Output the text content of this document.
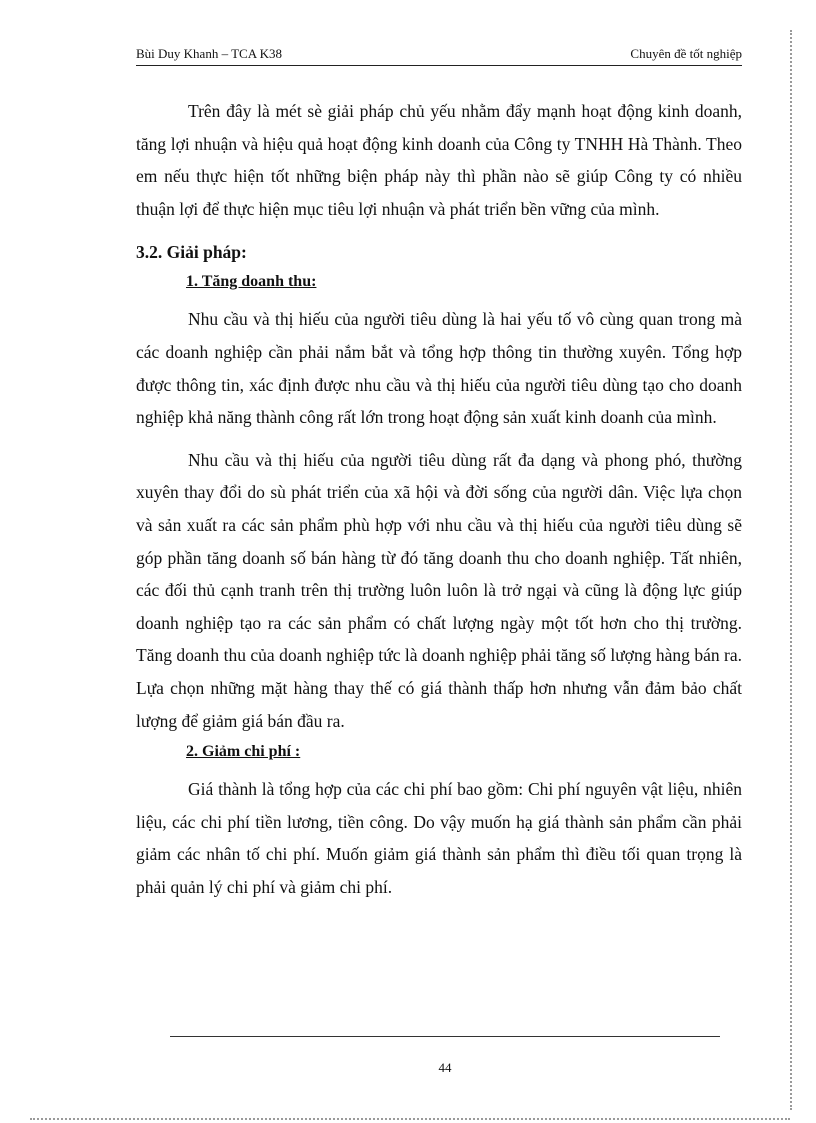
Bùi Duy Khanh – TCA K38	Chuyên đề tốt nghiệp

Trên đây là mét sè giải pháp chủ yếu nhằm đẩy mạnh hoạt động kinh doanh, tăng lợi nhuận và hiệu quả hoạt động kinh doanh của Công ty TNHH Hà Thành. Theo em nếu thực hiện tốt những biện pháp này thì phần nào sẽ giúp Công ty có nhiều thuận lợi để thực hiện mục tiêu lợi nhuận và phát triển bền vững của mình.

3.2. Giải pháp:
1. Tăng doanh thu:

Nhu cầu và thị hiếu của người tiêu dùng là hai yếu tố vô cùng quan trong mà các doanh nghiệp cần phải nắm bắt và tổng hợp thông tin thường xuyên. Tổng hợp được thông tin, xác định được nhu cầu và thị hiếu của người tiêu dùng tạo cho doanh nghiệp khả năng thành công rất lớn trong hoạt động sản xuất kinh doanh của mình.

Nhu cầu và thị hiếu của người tiêu dùng rất đa dạng và phong phó, thường xuyên thay đổi do sù phát triển của xã hội và đời sống của người dân. Việc lựa chọn và sản xuất ra các sản phẩm phù hợp với nhu cầu và thị hiếu của người tiêu dùng sẽ góp phần tăng doanh số bán hàng từ đó tăng doanh thu cho doanh nghiệp. Tất nhiên, các đối thủ cạnh tranh trên thị trường luôn luôn là trở ngại và cũng là động lực giúp doanh nghiệp tạo ra các sản phẩm có chất lượng ngày một tốt hơn cho thị trường. Tăng doanh thu của doanh nghiệp tức là doanh nghiệp phải tăng số lượng hàng bán ra. Lựa chọn những mặt hàng thay thế có giá thành thấp hơn nhưng vẫn đảm bảo chất lượng để giảm giá bán đầu ra.

2. Giảm chi phí :

Giá thành là tổng hợp của các chi phí bao gồm: Chi phí nguyên vật liệu, nhiên liệu, các chi phí tiền lương, tiền công. Do vậy muốn hạ giá thành sản phẩm cần phải giảm các nhân tố chi phí. Muốn giảm giá thành sản phẩm thì điều tối quan trọng là phải quản lý chi phí và giảm chi phí.

44
